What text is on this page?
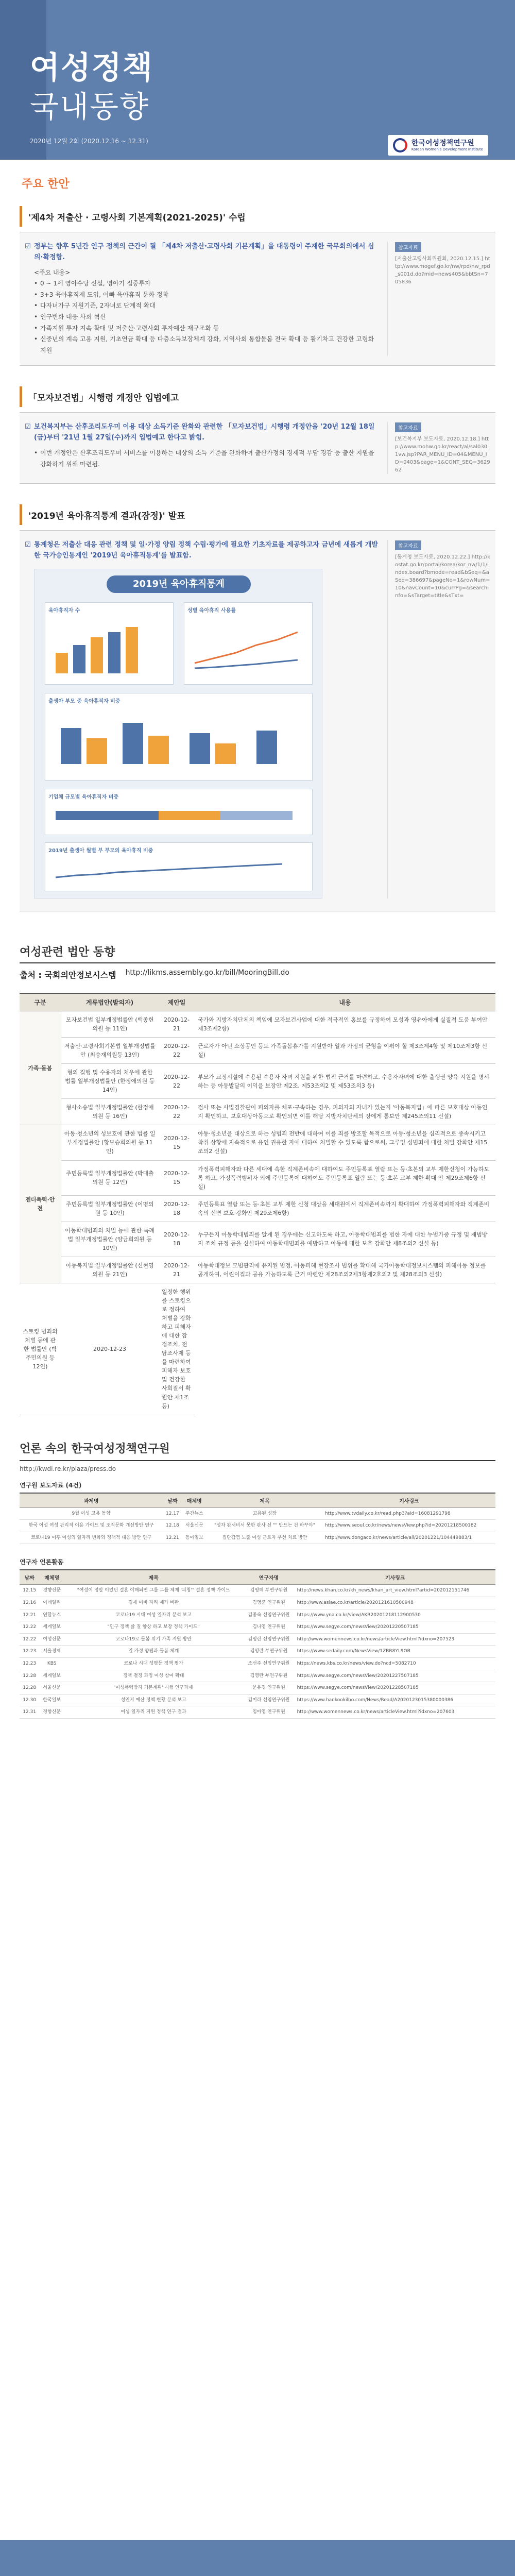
여성정책
국내동향
2020년 12월 2회 (2020.12.16 ~ 12.31)	한국여성정책연구원
Korean Women's Development Institute
주요 한안
'제4차 저출산 · 고령사회 기본계획(2021-2025)' 수립
☑ 정부는 향후 5년간 인구 정책의 근간이 될 「제4차 저출산·고령사회 기본계획」을 대통령이 주재한 국무회의에서 심의·확정함.
<주요 내용>
• 0 ~ 1세 영아수당 신설, 영아기 집중투자
• 3+3 육아휴직제 도입, 이빠 육아휴직 문화 정착
• 다자녀가구 지원기준, 2자녀로 단계적 확대
• 인구변화 대응 사회 혁신
• 가족지원 투자 지속 확대 및 저출산·고령사회 투자예산 재구조화 등
• 신중년의 계속 고용 지원, 기초연금 확대 등 다층소득보장체계 강화, 지역사회 통합돌봄 전국 확대 등 활기차고 건강한 고령화 지원
참고자료
[저출산고령사회위원회, 2020.12.15.] http://www.mogef.go.kr/nw/rpd/nw_rpd_s001d.do?mid=news405&bbtSn=705836
「모자보건법」시행령 개정안 입법예고
☑ 보건복지부는 산후조리도우미 이용 대상 소득기준 완화와 관련한 「모자보건법」시행령 개정안을 '20년 12월 18일(금)부터 '21년 1월 27일(수)까지 입법예고 한다고 밝힘.
• 이번 개정안은 산후조리도우미 서비스를 이용하는 대상의 소득 기준을 완화하여 출산가정의 경제적 부담 경감 등 출산 지원을 강화하기 위해 마련됨.
참고자료
[보건복지부 보도자료, 2020.12.18.] http://www.mohw.go.kr/react/al/sal0301vw.jsp?PAR_MENU_ID=04&MENU_ID=0403&page=1&CONT_SEQ=362962
'2019년 육아휴직통계 결과(잠정)' 발표
☑ 통계청은 저출산 대응 관련 정책 및 일·가정 양립 정책 수립·평가에 필요한 기초자료를 제공하고자 금년에 새롭게 개발한 국가승인통계인 '2019년 육아휴직통계'를 발표함.
2019년 육아휴직통계
육아휴직자 수	성별 육아휴직 사용률
출생아 부모 중 육아휴직자 비중
기업체 규모별 육아휴직자 비중
2019년 출생아 월별 부 부모의 육아휴직 비중
참고자료
[통계청 보도자료, 2020.12.22.] http://kostat.go.kr/portal/korea/kor_nw/1/1/index.board?bmode=read&bSeq=&aSeq=386697&pageNo=1&rowNum=10&navCount=10&currPg=&searchInfo=&sTarget=title&sTxt=
여성관련 법안 동향
출처 : 국회의안정보시스템 http://likms.assembly.go.kr/bill/MooringBill.do
구분	계류법안(발의자)	제안일	내용
가족·돌봄	모자보건법 일부개정법률안 (백종헌의원 등 11인)	2020-12-21	국가와 지방자치단체의 책임에 모자보건사업에 대한 적극적인 홍보를 규정하여 모성과 영유아에게 실질적 도움 부여안 제3조제2항)
	저출산·고령사회기본법 일부개정법률안 (최승재의원등 13인)	2020-12-22	근로자가 아닌 소상공인 등도 가족돌봄휴가를 지원받아 일과 가정의 균형을 이뤄야 할 제3조제4항 및 제10조제3항 신설)
	형의 집행 및 수용자의 처우에 관한 법률 일부개정법률안 (한정애의원 등 14인)	2020-12-22	부모가 교정시설에 수용된 수용자 자녀 지원을 위한 법적 근거를 마련하고, 수용자자녀에 대한 출생권 양육 지원을 명시하는 등 아동발달의 이익을 보장안 제2조, 제53조의2 및 제53조의3 등)
	형사소송법 일부개정법률안 (한정애의원 등 16인)	2020-12-22	검사 또는 사법경찰관이 피의자를 체포·구속하는 경우, 피의자의 자녀가 있는지 '아동복지법」에 따른 보호대상 아동인지 확인하고, 보호대상아동으로 확인되면 이를 해당 지방자치단체의 장에게 통보안 제245조의11 신설)
젠더폭력·안전	아동·청소년의 성보호에 관한 법률 일부개정법률안 (황보승희의원 등 11인)	2020-12-15	아동·청소년을 대상으로 하는 성범죄 전반에 대하여 이를 죄를 방조할 목적으로 아동·청소년을 심리적으로 종속시키고 착취 상황에 지속적으로 유인 권유한 자에 대하여 처벌할 수 있도록 함으로써, 그루밍 성범죄에 대한 처벌 강화안 제15조의2 신설)
	주민등록법 일부개정법률안 (박대출의원 등 12인)	2020-12-15	가정폭력피해자와 다른 세대에 속한 직계존비속에 대하여도 주민등록표 열람 또는 등·초본의 교부 제한신청이 가능하도록 하고, 가정폭력행위자 외에 주민등록에 대하여도 주민등록표 열람 또는 등·초본 교부 제한 확대 안 제29조제6항 신설)
	주민등록법 일부개정법률안 (이명의원 등 10인)	2020-12-18	주민등록표 열람 또는 등·초본 교부 제한 신청 대상을 세대원에서 직계존비속까지 확대하여 가정폭력피해자와 직계존비속의 신변 보호 강화안 제29조제6항)
	아동학대범죄의 처벌 등에 관한 특례법 일부개정법률안 (양금희의원 등 10인)	2020-12-18	누구든지 아동학대범죄를 알게 된 경우에는 신고하도록 하고, 아동학대범죄를 범한 자에 대한 누범가중 규정 및 재범방지 조치 규정 등을 신설하여 아동학대범죄를 예방하고 아동에 대한 보호 강화안 제8조의2 신설 등)
	아동복지법 일부개정법률안 (신현영의원 등 21인)	2020-12-21	아동학대정보 모범관리에 유지된 범정, 아동피해 현장조사 범위를 확대해 국가아동학대정보시스템의 피해아동 정보를 공개하여, 어린이집과 공유 가능하도록 근거 마련안 제28조의2제3항제2호의2 및 제28조의3 신설)
스토킹 범죄의 처벌 등에 관한 법률안 (박주민의원 등 12인)	2020-12-23	일정한 행위를 스토킹으로 정하여 처벌을 강화하고 피해자에 대한 잠정조치, 전담조사제 등을 마련하여 피해자 보호 및 건강한 사회질서 확립안 제1조 등)	
언론 속의 한국여성정책연구원
http://kwdi.re.kr/plaza/press.do
연구원 보도자료 (4건)
과제명	날짜	매체명	제목	기사링크
9월 여성 고용 동향	12.17	주간뉴스	고용된 성장	http://www.tvdaily.co.kr/read.php3?aid=16081291798
한국 여성 여성 관리직 이용 가이드 및 조직문화 개선방안 연구	12.18	서울신문	"성차 완서비서 못한 판사 신 "" 만드는 건 바꾸야"	http://www.seoul.co.kr/news/newsView.php?id=20201218500182
코로나19 이후 여성의 일자리 변화와 정책적 대응 방안 연구	12.21	동아일보	집단감염 노출 여성 근로자 우선 치료 방안	http://www.dongaco.kr/news/article/all/20201221/104449883/1
연구자 언론활동
날짜	매체명	제목	연구자명	기사링크
12.15	경향신문	"여성이 정말 이었던 결혼 이해되면 그를 그룹 체제 '피칭'" 결혼 정책 가이드	김영혜 부연구위원	http://news.khan.co.kr/kh_news/khan_art_view.html?artid=202012151746
12.16	이데일리	경제 미비 자리 제가 비판	김영준 연구위원	http://www.asiae.co.kr/article/2020121610500948
12.21	연합뉴스	코로나19 시대 여성 일자리 분석 보고	김종숙 선임연구위원	https://www.yna.co.kr/view/AKR20201218112900530
12.22	세계일보	"인구 정책 삶 질 향상 하고 보장 정책 가이드"	김나영 연구위원	https://www.segye.com/newsView/20201220507185
12.22	여성신문	코로나19로 돌봄 위기 가족 지원 방안	김영란 선임연구위원	http://www.womennews.co.kr/news/articleView.html?idxno=207523
12.23	서울경제	일 가정 양립과 돌봄 체계	김영란 부연구위원	https://www.sedaily.com/NewsView/1ZBR8YL9OB
12.23	KBS	코로나 시대 성평등 정책 평가	조선주 선임연구위원	https://news.kbs.co.kr/news/view.do?ncd=5082710
12.28	세계일보	정책 결정 과정 여성 참여 확대	김영란 부연구위원	https://www.segye.com/newsView/20201227507185
12.28	서울신문	'여성폭력방지 기본계획' 시행 연구과제	문유경 연구위원	https://www.segye.com/newsView/20201228507185
12.30	한국일보	성인지 예산 정책 현황 분석 보고	김미라 선임연구위원	https://www.hankookilbo.com/News/Read/A2020123015380000386
12.31	경향신문	여성 일자리 지원 정책 연구 결과	임아영 연구위원	http://www.womennews.co.kr/news/articleView.html?idxno=207603
